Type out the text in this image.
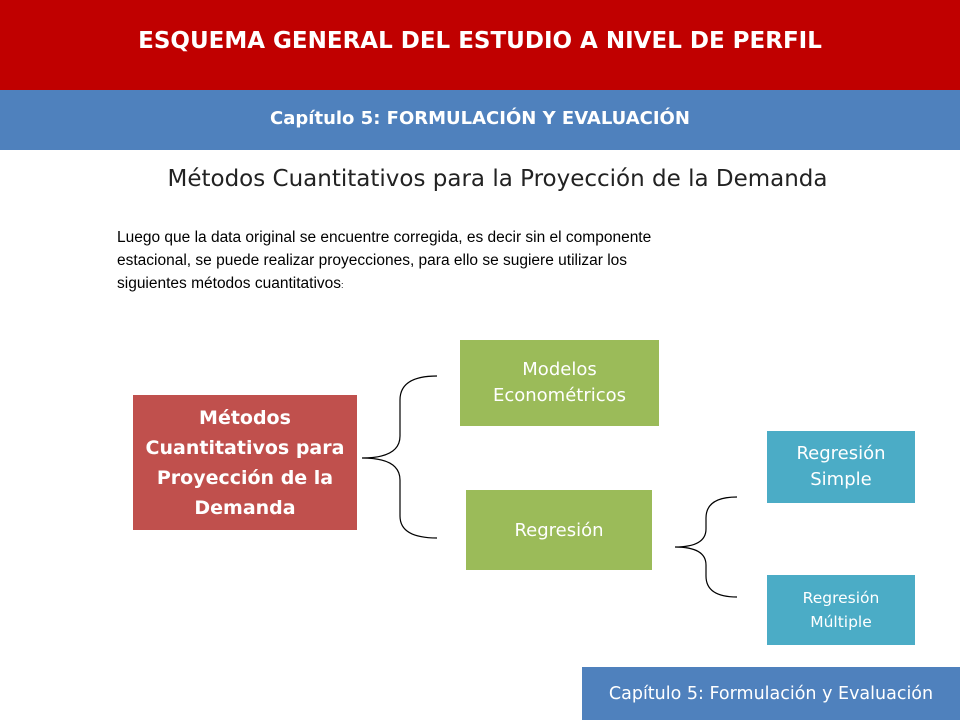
ESQUEMA GENERAL DEL ESTUDIO A NIVEL DE PERFIL
Capítulo 5: FORMULACIÓN Y EVALUACIÓN
Métodos Cuantitativos para la Proyección de la Demanda
Luego que la data original se encuentre corregida, es decir sin el componente
estacional, se puede realizar proyecciones, para ello se sugiere utilizar los
siguientes métodos cuantitativos:
Métodos
Cuantitativos para
Proyección de la
Demanda
Modelos
Econométricos
Regresión
Regresión
Simple
Regresión
Múltiple
Capítulo 5: Formulación y Evaluación
